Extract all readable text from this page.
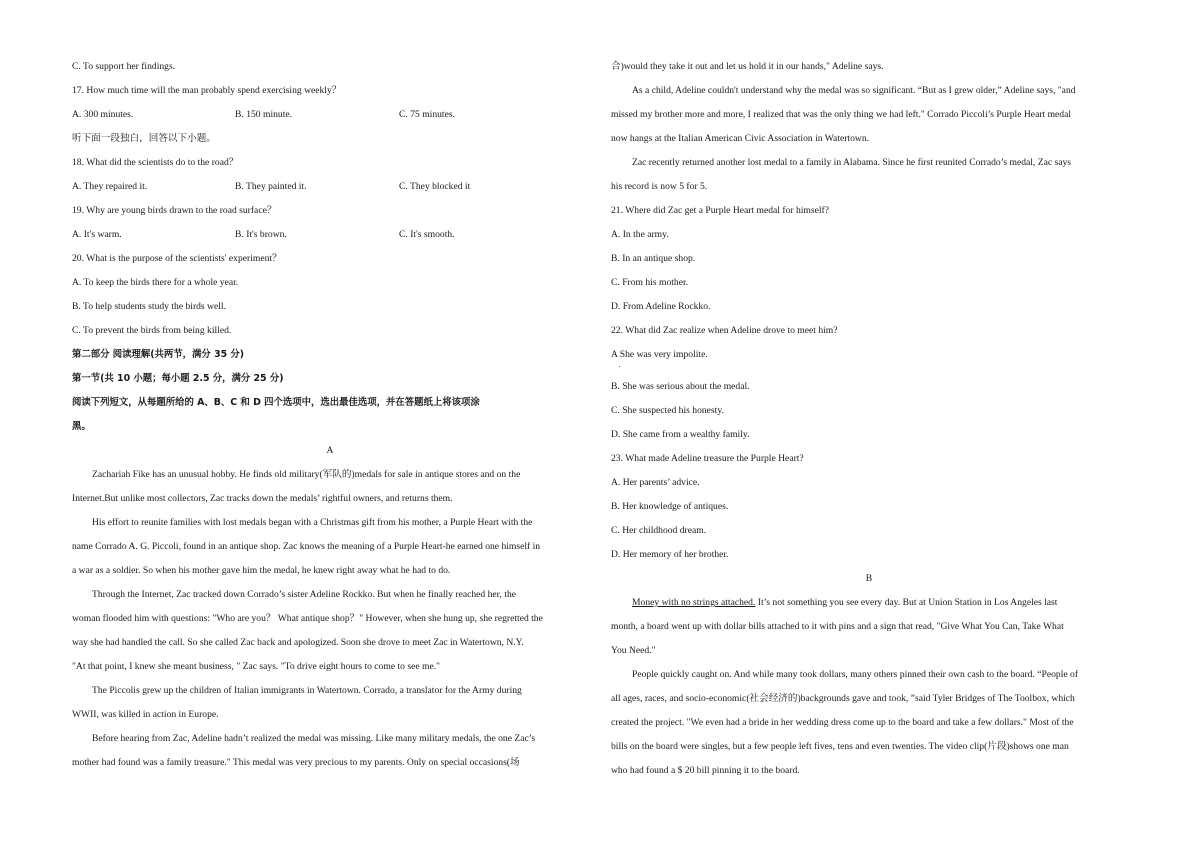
C. To support her findings.
17. How much time will the man probably spend exercising weekly？
A. 300 minutes.	B. 150 minute.	C. 75 minutes.
听下面一段独白，回答以下小题。
18. What did the scientists do to the road？
A. They repaired it.	B. They painted it.	C. They blocked it
19. Why are young birds drawn to the road surface？
A. It's warm.	B. It's brown.	C. It's smooth.
20. What is the purpose of the scientists' experiment？
A. To keep the birds there for a whole year.
B. To help students study the birds well.
C. To prevent the birds from being killed.
第二部分 阅读理解(共两节，满分 35 分)
第一节(共 10 小题；每小题 2.5 分，满分 25 分)
阅读下列短文，从每题所给的 A、B、C 和 D 四个选项中，选出最佳选项，并在答题纸上将该项涂
黑。
A
Zachariah Fike has an unusual hobby. He finds old military(军队的)medals for sale in antique stores and on the
Internet.But unlike most collectors, Zac tracks down the medals’ rightful owners, and returns them.
His effort to reunite families with lost medals began with a Christmas gift from his mother, a Purple Heart with the
name Corrado A. G. Piccoli, found in an antique shop. Zac knows the meaning of a Purple Heart-he earned one himself in
a war as a soldier. So when his mother gave him the medal, he knew right away what he had to do.
Through the Internet, Zac tracked down Corrado’s sister Adeline Rockko. But when he finally reached her, the
woman flooded him with questions: "Who are you？ What antique shop？" However, when she hung up, she regretted the
way she had handled the call. So she called Zac back and apologized. Soon she drove to meet Zac in Watertown, N.Y.
"At that point, I knew she meant business, " Zac says. "To drive eight hours to come to see me."
The Piccolis grew up the children of Italian immigrants in Watertown. Corrado, a translator for the Army during
WWII, was killed in action in Europe.
Before hearing from Zac, Adeline hadn’t realized the medal was missing. Like many military medals, the one Zac’s
mother had found was a family treasure." This medal was very precious to my parents. Only on special occasions(场
合)would they take it out and let us hold it in our hands," Adeline says.
As a child, Adeline couldn't understand why the medal was so significant. “But as I grew older,” Adeline says, "and
missed my brother more and more, I realized that was the only thing we had left." Corrado Piccoli’s Purple Heart medal
now hangs at the Italian American Civic Association in Watertown.
Zac recently returned another lost medal to a family in Alabama. Since he first reunited Corrado’s medal, Zac says
his record is now 5 for 5.
21. Where did Zac get a Purple Heart medal for himself?
A. In the army.
B. In an antique shop.
C. From his mother.
D. From Adeline Rockko.
22. What did Zac realize when Adeline drove to meet him?
A She was very impolite.
B. She was serious about the medal.
C. She suspected his honesty.
D. She came from a wealthy family.
23. What made Adeline treasure the Purple Heart?
A. Her parents’ advice.
B. Her knowledge of antiques.
C. Her childhood dream.
D. Her memory of her brother.
B
Money with no strings attached. It’s not something you see every day. But at Union Station in Los Angeles last
month, a board went up with dollar bills attached to it with pins and a sign that read, "Give What You Can, Take What
You Need."
People quickly caught on. And while many took dollars, many others pinned their own cash to the board. “People of
all ages, races, and socio-economic(社会经济的)backgrounds gave and took, ”said Tyler Bridges of The Toolbox, which
created the project. "We even had a bride in her wedding dress come up to the board and take a few dollars." Most of the
bills on the board were singles, but a few people left fives, tens and even twenties. The video clip(片段)shows one man
who had found a $ 20 bill pinning it to the board.
